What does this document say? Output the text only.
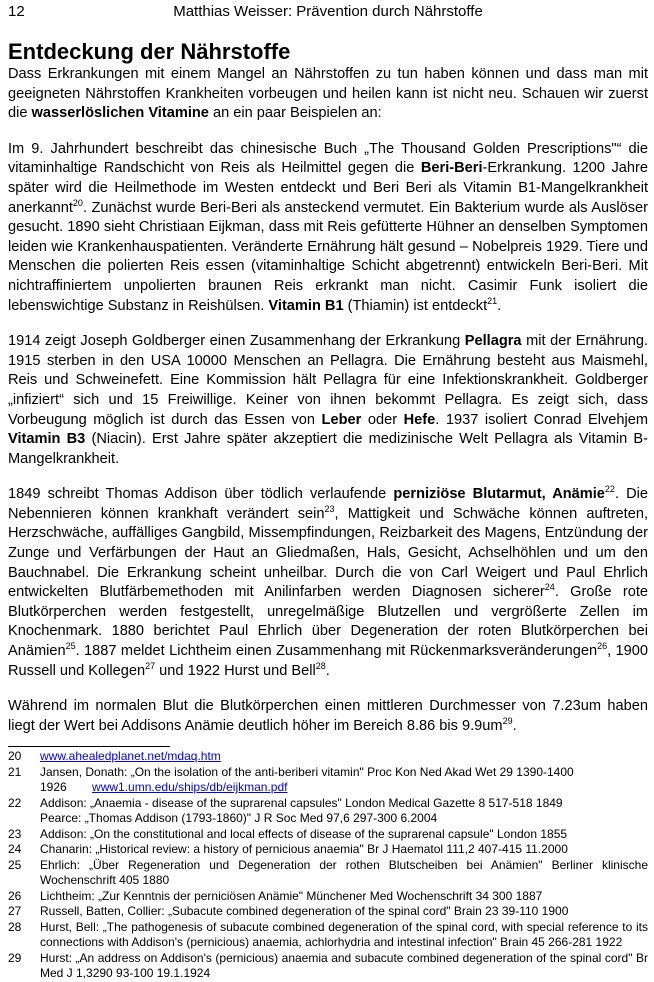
12	Matthias Weisser: Prävention durch Nährstoffe
Entdeckung der Nährstoffe

Dass Erkrankungen mit einem Mangel an Nährstoffen zu tun haben können und dass man mit geeigneten Nährstoffen Krankheiten vorbeugen und heilen kann ist nicht neu. Schauen wir zuerst die wasserlöslichen Vitamine an ein paar Beispielen an:

Im 9. Jahrhundert beschreibt das chinesische Buch „The Thousand Golden Prescriptions"“ die vitaminhaltige Randschicht von Reis als Heilmittel gegen die Beri-Beri-Erkrankung. 1200 Jahre später wird die Heilmethode im Westen entdeckt und Beri Beri als Vitamin B1-Mangelkrankheit anerkannt$^{20}$. Zunächst wurde Beri-Beri als ansteckend vermutet. Ein Bakterium wurde als Auslöser gesucht. 1890 sieht Christiaan Eijkman, dass mit Reis gefütterte Hühner an denselben Symptomen leiden wie Krankenhauspatienten. Veränderte Ernährung hält gesund – Nobelpreis 1929. Tiere und Menschen die polierten Reis essen (vitaminhaltige Schicht abgetrennt) entwickeln Beri-Beri. Mit nichtraffiniertem unpolierten braunen Reis erkrankt man nicht. Casimir Funk isoliert die lebenswichtige Substanz in Reishülsen. Vitamin B1 (Thiamin) ist entdeckt$^{21}$.

1914 zeigt Joseph Goldberger einen Zusammenhang der Erkrankung Pellagra mit der Ernährung. 1915 sterben in den USA 10000 Menschen an Pellagra. Die Ernährung besteht aus Maismehl, Reis und Schweinefett. Eine Kommission hält Pellagra für eine Infektionskrankheit. Goldberger „infiziert“ sich und 15 Freiwillige. Keiner von ihnen bekommt Pellagra. Es zeigt sich, dass Vorbeugung möglich ist durch das Essen von Leber oder Hefe. 1937 isoliert Conrad Elvehjem Vitamin B3 (Niacin). Erst Jahre später akzeptiert die medizinische Welt Pellagra als Vitamin B-Mangelkrankheit.

1849 schreibt Thomas Addison über tödlich verlaufende perniziöse Blutarmut, Anämie$^{22}$. Die Nebennieren können krankhaft verändert sein$^{23}$, Mattigkeit und Schwäche können auftreten, Herzschwäche, auffälliges Gangbild, Missempfindungen, Reizbarkeit des Magens, Entzündung der Zunge und Verfärbungen der Haut an Gliedmaßen, Hals, Gesicht, Achselhöhlen und um den Bauchnabel. Die Erkrankung scheint unheilbar. Durch die von Carl Weigert und Paul Ehrlich entwickelten Blutfärbemethoden mit Anilinfarben werden Diagnosen sicherer$^{24}$. Große rote Blutkörperchen werden festgestellt, unregelmäßige Blutzellen und vergrößerte Zellen im Knochenmark. 1880 berichtet Paul Ehrlich über Degeneration der roten Blutkörperchen bei Anämien$^{25}$. 1887 meldet Lichtheim einen Zusammenhang mit Rückenmarksveränderungen$^{26}$, 1900 Russell und Kollegen$^{27}$ und 1922 Hurst und Bell$^{28}$.

Während im normalen Blut die Blutkörperchen einen mittleren Durchmesser von 7.23um haben liegt der Wert bei Addisons Anämie deutlich höher im Bereich 8.86 bis $9.9um^{29}$.

20 www.ahealedplanet.net/mdaq.htm
21 Jansen, Donath: „On the isolation of the anti-beriberi vitamin" Proc Kon Ned Akad Wet 29 1390-1400
1926 www1.umn.edu/ships/db/eijkman.pdf
22 Addison: „Anaemia - disease of the suprarenal capsules" London Medical Gazette 8 517-518 1849
Pearce: „Thomas Addison (1793-1860)" J R Soc Med 97,6 297-300 6.2004
23 Addison: „On the constitutional and local effects of disease of the suprarenal capsule" London 1855
24 Chanarin: „Historical review: a history of pernicious anaemia" Br J Haematol 111,2 407-415 11.2000
25 Ehrlich: „Über Regeneration und Degeneration der rothen Blutscheiben bei Anämien" Berliner klinische Wochenschrift 405 1880
26 Lichtheim: „Zur Kenntnis der perniciösen Anämie" Münchener Med Wochenschrift 34 300 1887
27 Russell, Batten, Collier: „Subacute combined degeneration of the spinal cord" Brain 23 39-110 1900
28 Hurst, Bell: „The pathogenesis of subacute combined degeneration of the spinal cord, with special reference to its connections with Addison's (pernicious) anaemia, achlorhydria and intestinal infection" Brain 45 266-281 1922
29 Hurst: „An address on Addison's (pernicious) anaemia and subacute combined degeneration of the spinal cord" Br Med J 1,3290 93-100 19.1.1924
